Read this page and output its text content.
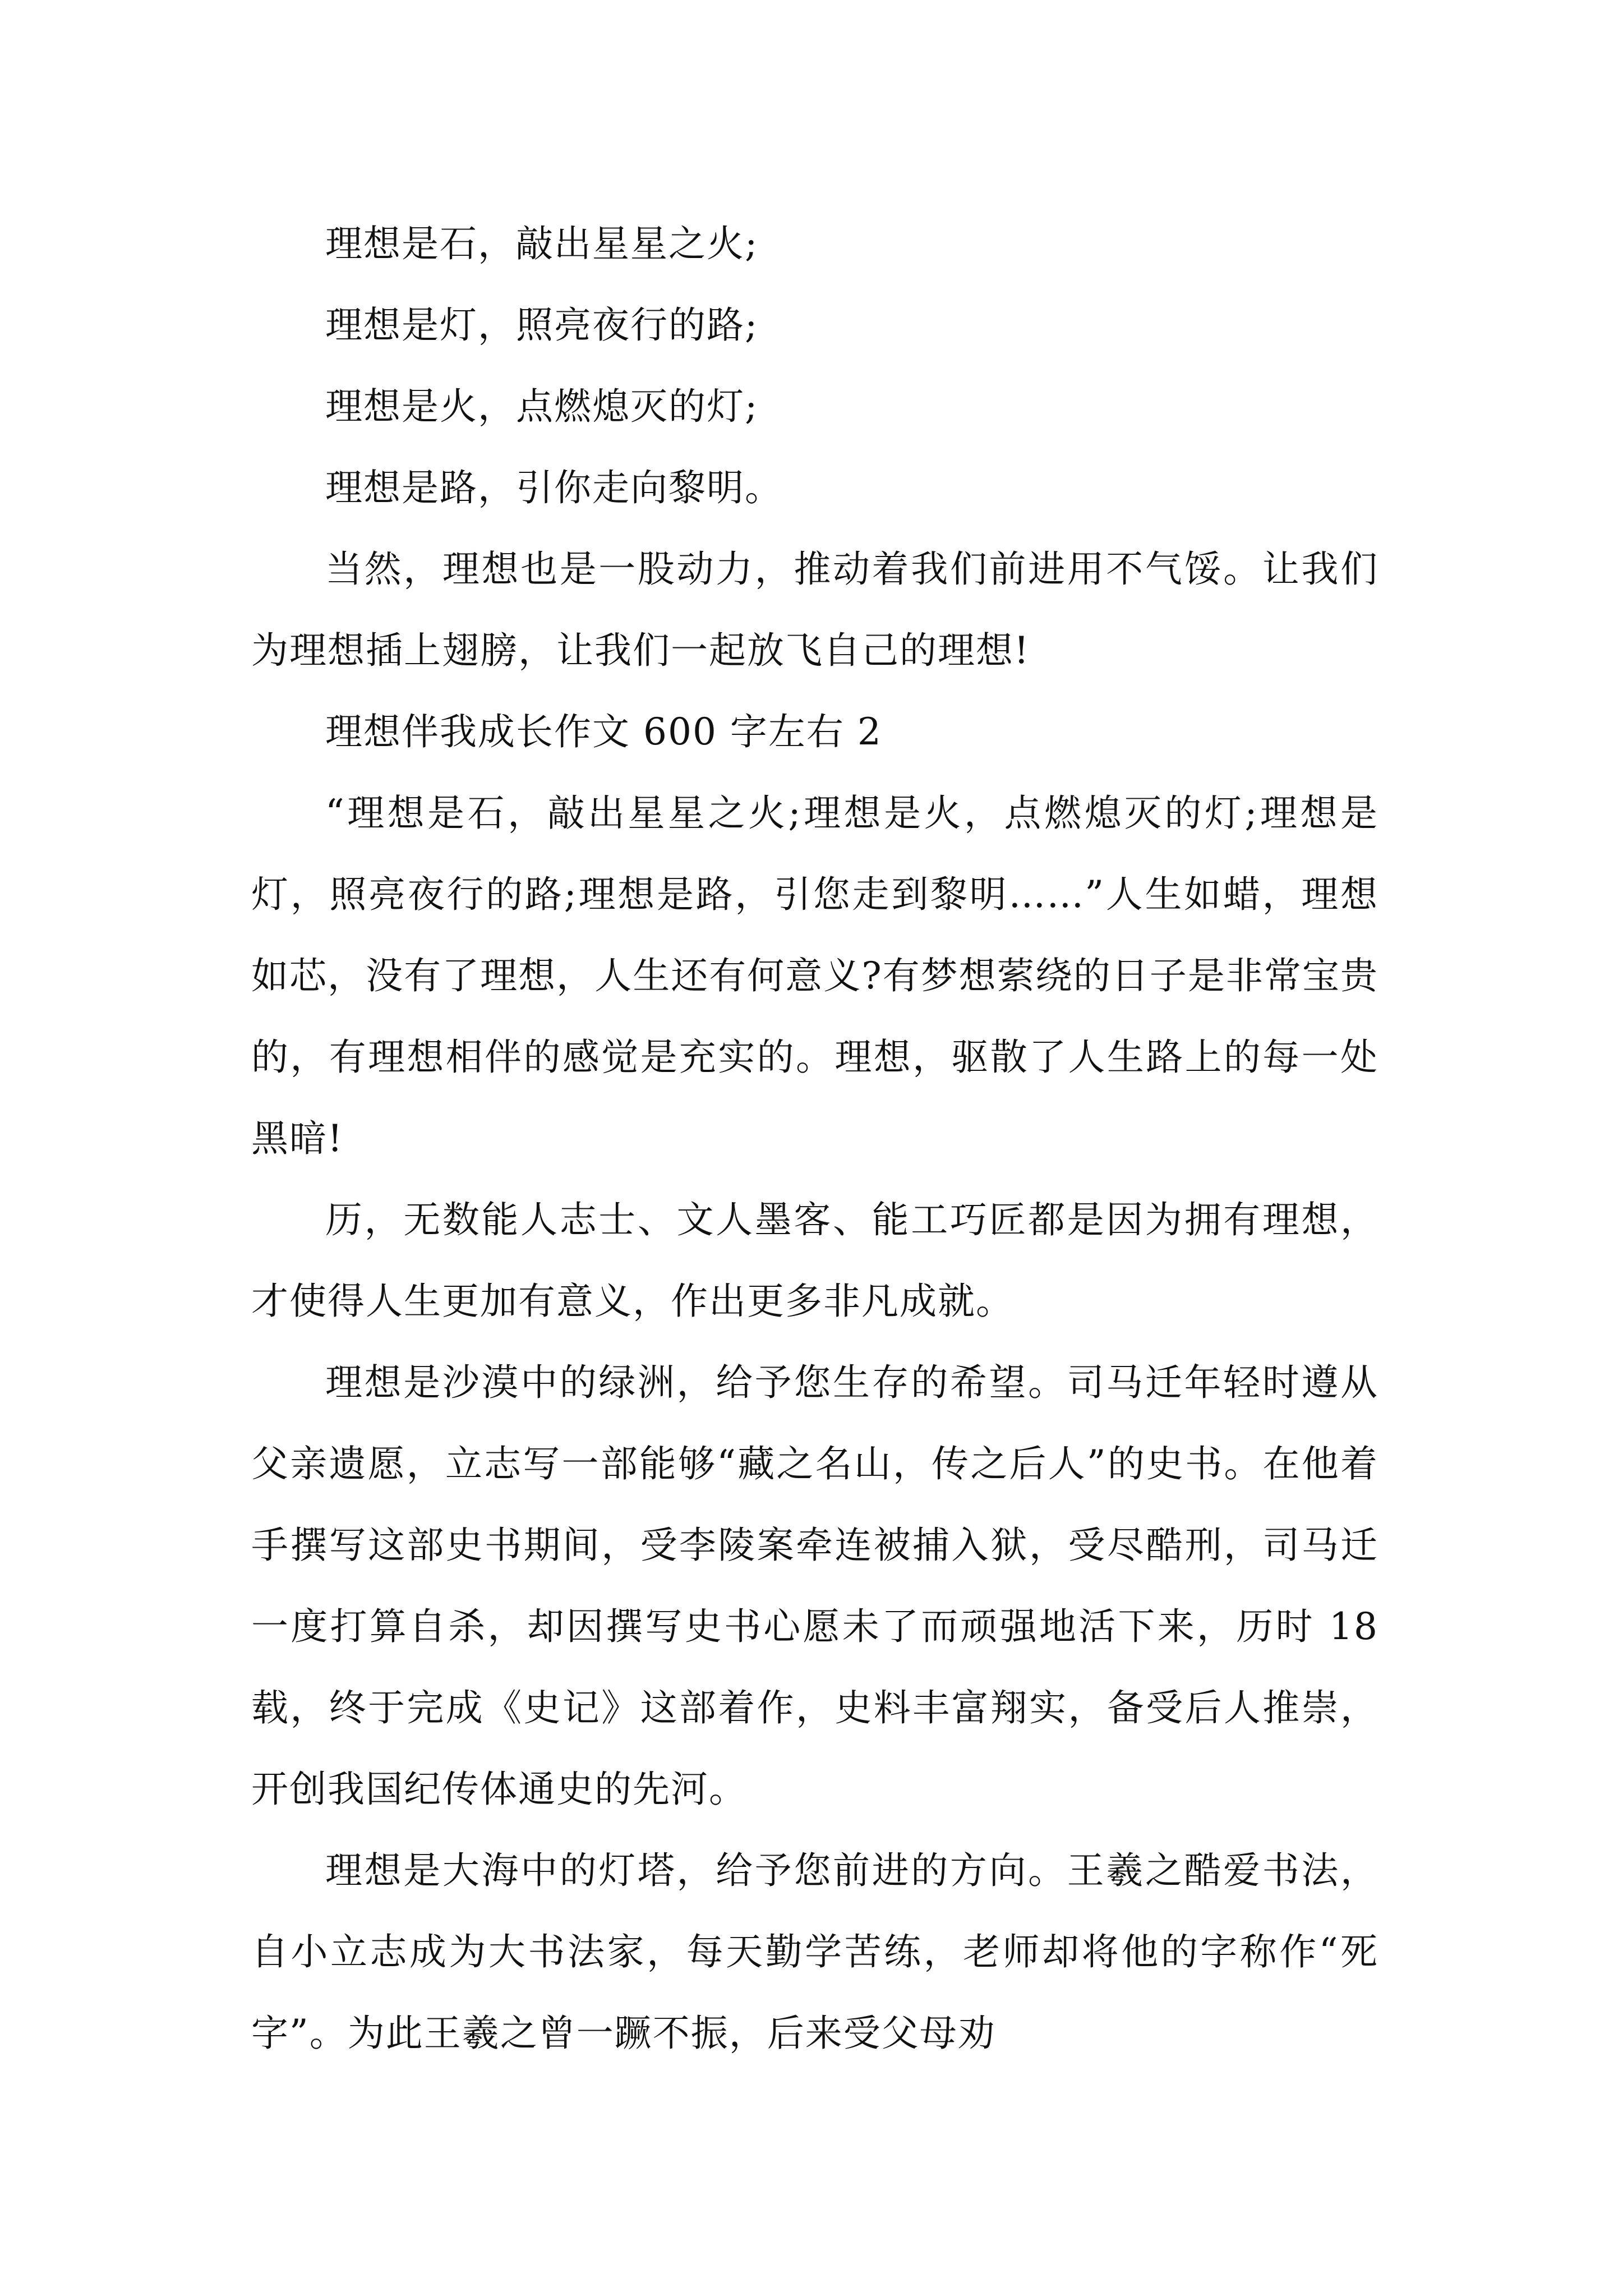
理想是石，敲出星星之火;

理想是灯，照亮夜行的路;

理想是火，点燃熄灭的灯;

理想是路，引你走向黎明。

当然，理想也是一股动力，推动着我们前进用不气馁。让我们为理想插上翅膀，让我们一起放飞自己的理想!

理想伴我成长作文 600 字左右 2

“理想是石，敲出星星之火;理想是火，点燃熄灭的灯;理想是灯，照亮夜行的路;理想是路，引您走到黎明……”人生如蜡，理想如芯，没有了理想，人生还有何意义?有梦想萦绕的日子是非常宝贵的，有理想相伴的感觉是充实的。理想，驱散了人生路上的每一处黑暗!

历，无数能人志士、文人墨客、能工巧匠都是因为拥有理想，才使得人生更加有意义，作出更多非凡成就。

理想是沙漠中的绿洲，给予您生存的希望。司马迁年轻时遵从父亲遗愿，立志写一部能够“藏之名山，传之后人”的史书。在他着手撰写这部史书期间，受李陵案牵连被捕入狱，受尽酷刑，司马迁一度打算自杀，却因撰写史书心愿未了而顽强地活下来，历时 18 载，终于完成《史记》这部着作，史料丰富翔实，备受后人推崇，开创我国纪传体通史的先河。

理想是大海中的灯塔，给予您前进的方向。王羲之酷爱书法，自小立志成为大书法家，每天勤学苦练，老师却将他的字称作“死字”。为此王羲之曾一蹶不振，后来受父母劝
